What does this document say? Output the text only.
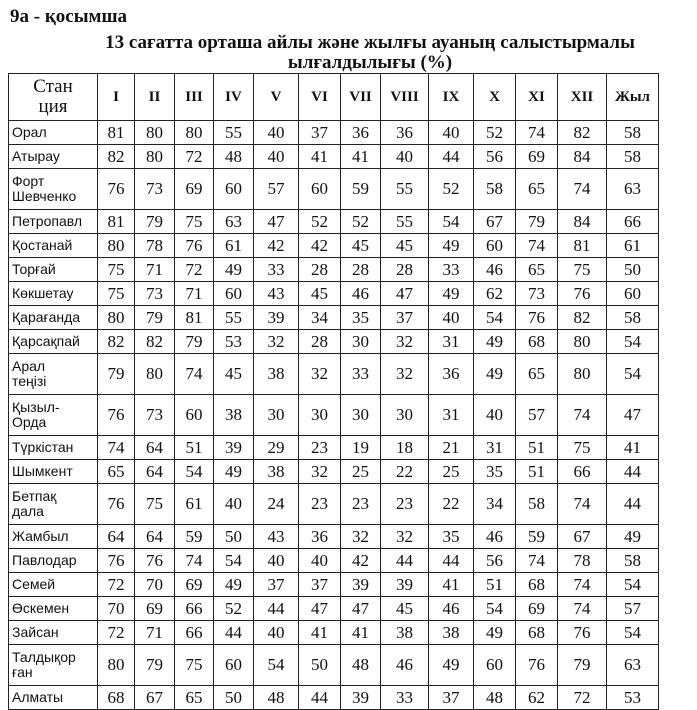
9a - қосымша
13 сағатта орташа айлы және жылғы ауаның салыстырмалы
ылғалдылығы (%)
Стан
ция	I	II	III	IV	V	VI	VII	VIII	IX	X	XI	XII	Жыл

Орал	81	80	80	55	40	37	36	36	40	52	74	82	58

Атырау	82	80	72	48	40	41	41	40	44	56	69	84	58

Форт
Шевченко	76	73	69	60	57	60	59	55	52	58	65	74	63

Петропавл	81	79	75	63	47	52	52	55	54	67	79	84	66

Қостанай	80	78	76	61	42	42	45	45	49	60	74	81	61

Торғай	75	71	72	49	33	28	28	28	33	46	65	75	50

Көкшетау	75	73	71	60	43	45	46	47	49	62	73	76	60

Қарағанда	80	79	81	55	39	34	35	37	40	54	76	82	58

Қарсақпай	82	82	79	53	32	28	30	32	31	49	68	80	54

Арал
теңізі	79	80	74	45	38	32	33	32	36	49	65	80	54

Қызыл-
Орда	76	73	60	38	30	30	30	30	31	40	57	74	47

Түркістан	74	64	51	39	29	23	19	18	21	31	51	75	41

Шымкент	65	64	54	49	38	32	25	22	25	35	51	66	44

Бетпақ
дала	76	75	61	40	24	23	23	23	22	34	58	74	44

Жамбыл	64	64	59	50	43	36	32	32	35	46	59	67	49

Павлодар	76	76	74	54	40	40	42	44	44	56	74	78	58

Семей	72	70	69	49	37	37	39	39	41	51	68	74	54

Өскемен	70	69	66	52	44	47	47	45	46	54	69	74	57

Зайсан	72	71	66	44	40	41	41	38	38	49	68	76	54

Талдықор
ған	80	79	75	60	54	50	48	46	49	60	76	79	63

Алматы	68	67	65	50	48	44	39	33	37	48	62	72	53
